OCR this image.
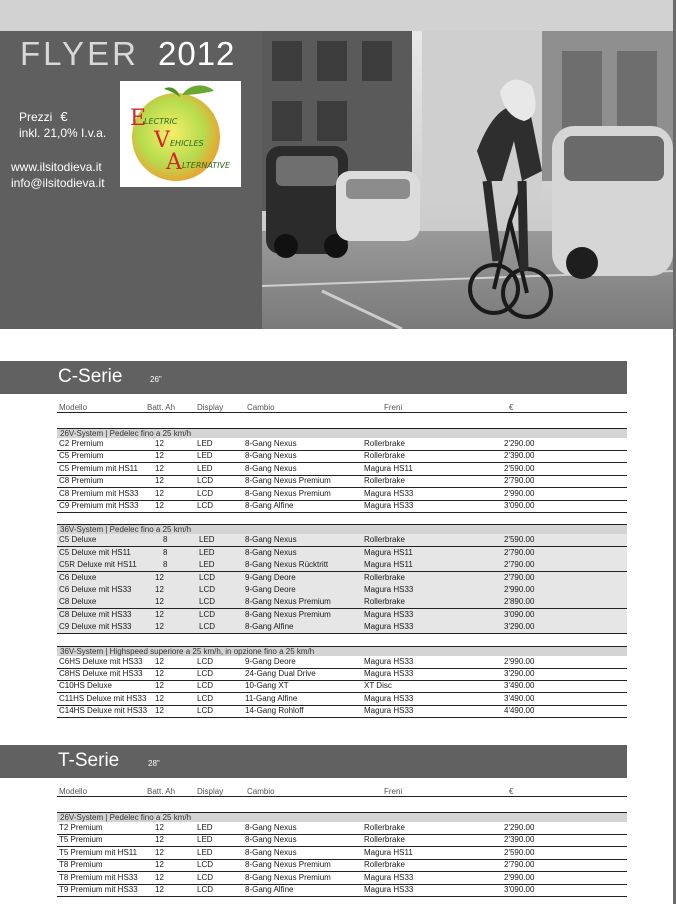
FLYER 2012
E
LECTRIC
V EHICLES
A LTERNATIVE
Prezzi €
inkl. 21,0% I.v.a.
www.ilsitodieva.it
info@ilsitodieva.it
C-Serie	26"
Modello	Batt. Ah	Display	Cambio	Freni	€
26V-System | Pedelec fino a 25 km/h
C2 Premium	12	LED	8-Gang Nexus	Rollerbrake	2'290.00
C5 Premium	12	LED	8-Gang Nexus	Rollerbrake	2'390.00
C5 Premium mit HS11 12	LED	8-Gang Nexus	Magura HS11	2'590.00
C8 Premium	12	LCD	8-Gang Nexus Premium	Rollerbrake	2'790.00
C8 Premium mit HS33 12	LCD	8-Gang Nexus Premium	Magura HS33	2'990.00
C9 Premium mit HS33 12	LCD	8-Gang Alfine	Magura HS33	3'090.00
36V-System | Pedelec fino a 25 km/h
C5 Deluxe	8	LED	8-Gang Nexus	Rollerbrake	2'590.00
C5 Deluxe mit HS11	8	LED	8-Gang Nexus	Magura HS11	2'790.00
C5R Deluxe mit HS11	8	LED	8-Gang Nexus Rücktritt	Magura HS11	2'790.00
C6 Deluxe	12	LCD	9-Gang Deore	Rollerbrake	2'790.00
C6 Deluxe mit HS33	12	LCD	9-Gang Deore	Magura HS33	2'990.00
C8 Deluxe	12	LCD	8-Gang Nexus Premium	Rollerbrake	2'890.00
C8 Deluxe mit HS33	12	LCD	8-Gang Nexus Premium	Magura HS33	3'090.00
C9 Deluxe mit HS33	12	LCD	8-Gang Alfine	Magura HS33	3'290.00
36V-System | Highspeed superiore a 25 km/h, in opzione fino a 25 km/h
C6HS Deluxe mit HS33 12	LCD	9-Gang Deore	Magura HS33	2'990.00
C8HS Deluxe mit HS33 12	LCD	24-Gang Dual Drive	Magura HS33	3'290.00
C10HS Deluxe	12	LCD	10-Gang XT	XT Disc	3'490.00
C11HS Deluxe mit HS33 12	LCD	11-Gang Alfine	Magura HS33	3'490.00
C14HS Deluxe mit HS33 12	LCD	14-Gang Rohloff	Magura HS33	4'490.00
T-Serie	28"
Modello	Batt. Ah	Display	Cambio	Freni	€
26V-System | Pedelec fino a 25 km/h
T2 Premium	12	LED	8-Gang Nexus	Rollerbrake	2'290.00
T5 Premium	12	LED	8-Gang Nexus	Rollerbrake	2'390.00
T5 Premium mit HS11 12	LED	8-Gang Nexus	Magura HS11	2'590.00
T8 Premium	12	LCD	8-Gang Nexus Premium	Rollerbrake	2'790.00
T8 Premium mit HS33 12	LCD	8-Gang Nexus Premium	Magura HS33	2'990.00
T9 Premium mit HS33 12	LCD	8-Gang Alfine	Magura HS33	3'090.00
